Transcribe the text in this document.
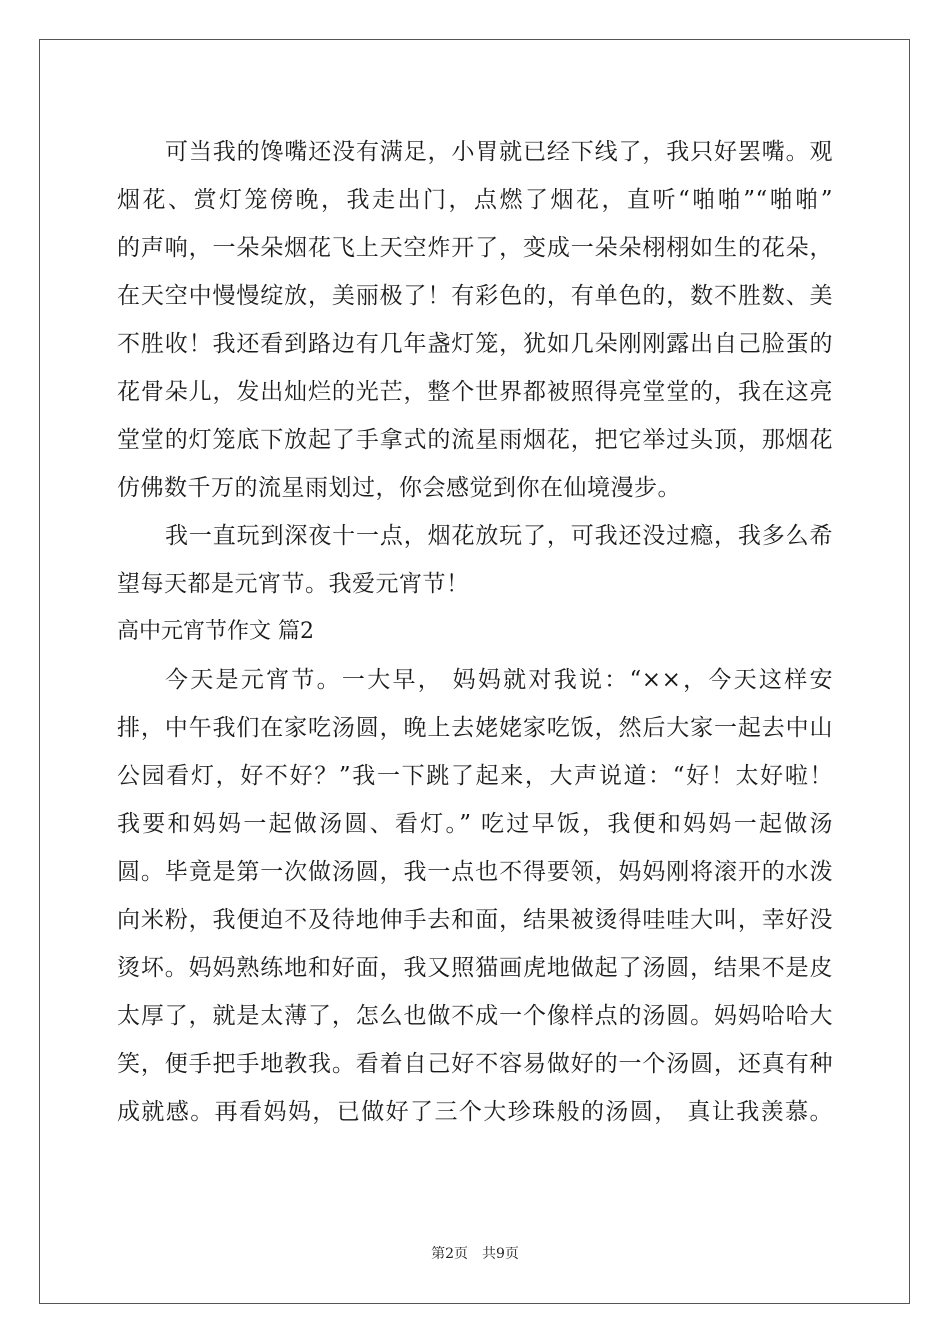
可当我的馋嘴还没有满足，小胃就已经下线了，我只好罢嘴。观
烟花、赏灯笼傍晚，我走出门，点燃了烟花，直听“啪啪”“啪啪”
的声响，一朵朵烟花飞上天空炸开了，变成一朵朵栩栩如生的花朵，
在天空中慢慢绽放，美丽极了！有彩色的，有单色的，数不胜数、美
不胜收！我还看到路边有几年盏灯笼，犹如几朵刚刚露出自己脸蛋的
花骨朵儿，发出灿烂的光芒，整个世界都被照得亮堂堂的，我在这亮
堂堂的灯笼底下放起了手拿式的流星雨烟花，把它举过头顶，那烟花
仿佛数千万的流星雨划过，你会感觉到你在仙境漫步。
我一直玩到深夜十一点，烟花放玩了，可我还没过瘾，我多么希
望每天都是元宵节。我爱元宵节！
高中元宵节作文 篇2
今天是元宵节。一大早， 妈妈就对我说：“××，今天这样安
排，中午我们在家吃汤圆，晚上去姥姥家吃饭，然后大家一起去中山
公园看灯，好不好？”我一下跳了起来，大声说道：“好！太好啦！
我要和妈妈一起做汤圆、看灯。” 吃过早饭，我便和妈妈一起做汤
圆。毕竟是第一次做汤圆，我一点也不得要领，妈妈刚将滚开的水泼
向米粉，我便迫不及待地伸手去和面，结果被烫得哇哇大叫，幸好没
烫坏。妈妈熟练地和好面，我又照猫画虎地做起了汤圆，结果不是皮
太厚了，就是太薄了，怎么也做不成一个像样点的汤圆。妈妈哈哈大
笑，便手把手地教我。看着自己好不容易做好的一个汤圆，还真有种
成就感。再看妈妈，已做好了三个大珍珠般的汤圆， 真让我羡慕。
第2页　共9页
